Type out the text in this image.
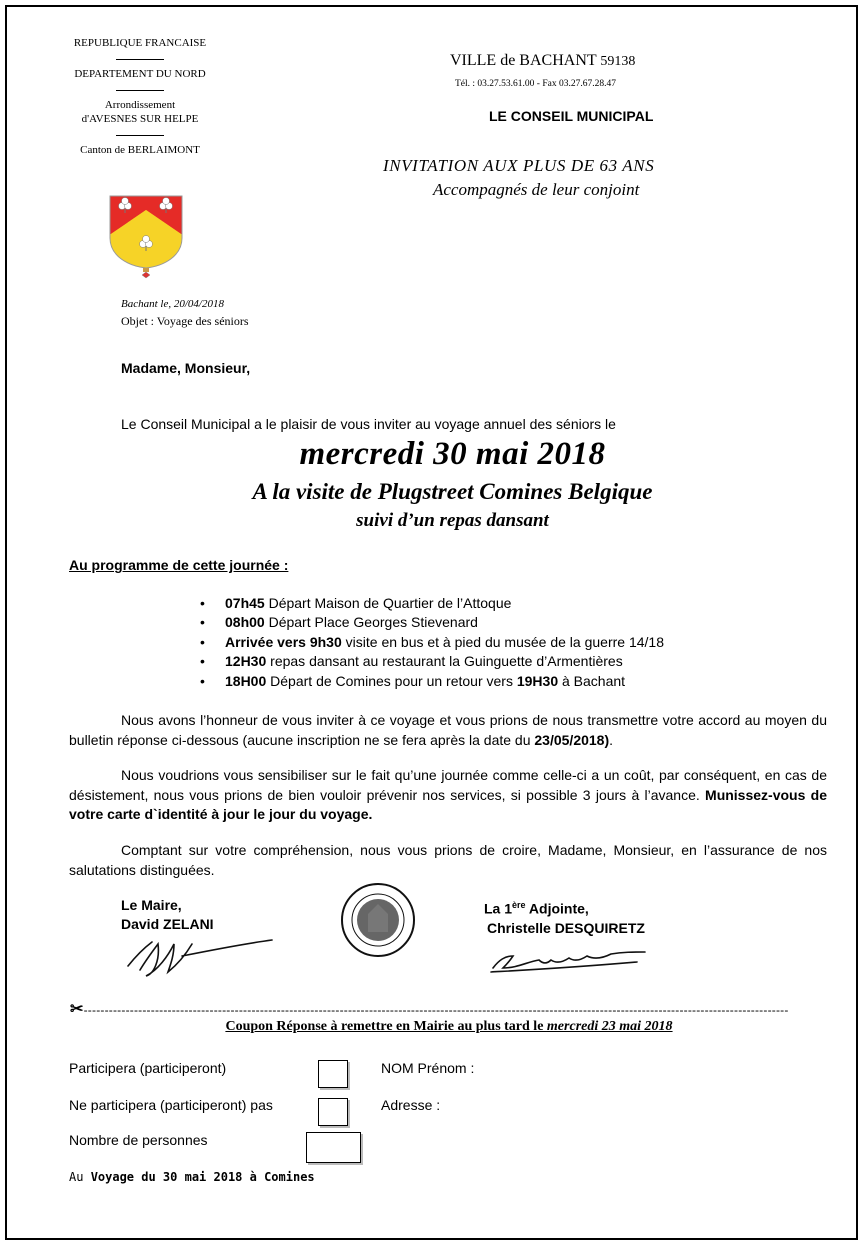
REPUBLIQUE FRANCAISE
DEPARTEMENT DU NORD
Arrondissement
d'AVESNES SUR HELPE
Canton de BERLAIMONT
VILLE de BACHANT 59138
Tél. : 03.27.53.61.00 - Fax 03.27.67.28.47
LE CONSEIL MUNICIPAL
INVITATION AUX PLUS DE 63 ANS
Accompagnés de leur conjoint
Bachant le, 20/04/2018
Objet : Voyage des séniors
Madame, Monsieur,
Le Conseil Municipal a le plaisir de vous inviter au voyage annuel des séniors le
mercredi 30 mai 2018
A la visite de Plugstreet Comines Belgique
suivi d’un repas dansant
Au programme de cette journée :
• 07h45 Départ Maison de Quartier de l’Attoque
• 08h00 Départ Place Georges Stievenard
• Arrivée vers 9h30 visite en bus et à pied du musée de la guerre 14/18
• 12H30 repas dansant au restaurant la Guinguette d’Armentières
• 18H00 Départ de Comines pour un retour vers 19H30 à Bachant
Nous avons l’honneur de vous inviter à ce voyage et vous prions de nous transmettre votre accord au moyen du bulletin réponse ci-dessous (aucune inscription ne se fera après la date du 23/05/2018).
Nous voudrions vous sensibiliser sur le fait qu’une journée comme celle-ci a un coût, par conséquent, en cas de désistement, nous vous prions de bien vouloir prévenir nos services, si possible 3 jours à l’avance. Munissez-vous de votre carte d`identité à jour le jour du voyage.
Comptant sur votre compréhension, nous vous prions de croire, Madame, Monsieur, en l’assurance de nos salutations distinguées.
Le Maire,
David ZELANI
La 1ère Adjointe,
Christelle DESQUIRETZ
✂------------------------------------------------------------------------------------------------------------------------------------------------------------------------
Coupon Réponse à remettre en Mairie au plus tard le mercredi 23 mai 2018
Participera (participeront)	NOM Prénom :
Ne participera (participeront) pas	Adresse :
Nombre de personnes
Au Voyage du 30 mai 2018 à Comines
